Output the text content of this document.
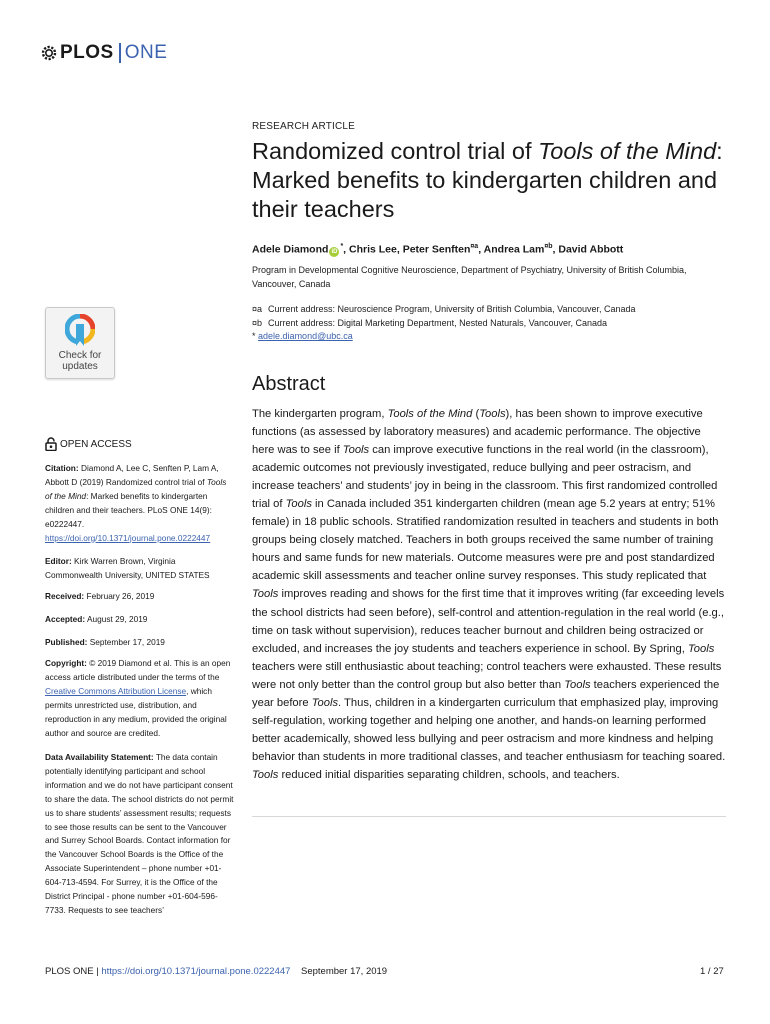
PLOS ONE
RESEARCH ARTICLE
Randomized control trial of Tools of the Mind: Marked benefits to kindergarten children and their teachers
Adele Diamond iD*, Chris Lee, Peter Senften$^{¤a}$, Andrea Lam$^{¤b}$, David Abbott
Program in Developmental Cognitive Neuroscience, Department of Psychiatry, University of British Columbia, Vancouver, Canada
¤a Current address: Neuroscience Program, University of British Columbia, Vancouver, Canada
¤b Current address: Digital Marketing Department, Nested Naturals, Vancouver, Canada
* adele.diamond@ubc.ca
Abstract

The kindergarten program, Tools of the Mind (Tools), has been shown to improve executive functions (as assessed by laboratory measures) and academic performance. The objective here was to see if Tools can improve executive functions in the real world (in the classroom), academic outcomes not previously investigated, reduce bullying and peer ostracism, and increase teachers’ and students’ joy in being in the classroom. This first randomized controlled trial of Tools in Canada included 351 kindergarten children (mean age 5.2 years at entry; 51% female) in 18 public schools. Stratified randomization resulted in teachers and students in both groups being closely matched. Teachers in both groups received the same number of training hours and same funds for new materials. Outcome measures were pre and post standardized academic skill assessments and teacher online survey responses. This study replicated that Tools improves reading and shows for the first time that it improves writing (far exceeding levels the school districts had seen before), self-control and attention-regulation in the real world (e.g., time on task without supervision), reduces teacher burnout and children being ostracized or excluded, and increases the joy students and teachers experience in school. By Spring, Tools teachers were still enthusiastic about teaching; control teachers were exhausted. These results were not only better than the control group but also better than Tools teachers experienced the year before Tools. Thus, children in a kindergarten curriculum that emphasized play, improving self-regulation, working together and helping one another, and hands-on learning performed better academically, showed less bullying and peer ostracism and more kindness and helping behavior than students in more traditional classes, and teacher enthusiasm for teaching soared. Tools reduced initial disparities separating children, schools, and teachers.

Check for updates
OPEN ACCESS

Citation: Diamond A, Lee C, Senften P, Lam A, Abbott D (2019) Randomized control trial of Tools of the Mind: Marked benefits to kindergarten children and their teachers. PLoS ONE 14(9): e0222447. https://doi.org/10.1371/journal.pone.0222447

Editor: Kirk Warren Brown, Virginia Commonwealth University, UNITED STATES

Received: February 26, 2019

Accepted: August 29, 2019

Published: September 17, 2019

Copyright: © 2019 Diamond et al. This is an open access article distributed under the terms of the Creative Commons Attribution License, which permits unrestricted use, distribution, and reproduction in any medium, provided the original author and source are credited.

Data Availability Statement: The data contain potentially identifying participant and school information and we do not have participant consent to share the data. The school districts do not permit us to share students’ assessment results; requests to see those results can be sent to the Vancouver and Surrey School Boards. Contact information for the Vancouver School Boards is the Office of the Associate Superintendent – phone number +01-604-713-4594. For Surrey, it is the Office of the District Principal - phone number +01-604-596-7733. Requests to see teachers’

PLOS ONE | https://doi.org/10.1371/journal.pone.0222447 September 17, 2019	1 / 27
